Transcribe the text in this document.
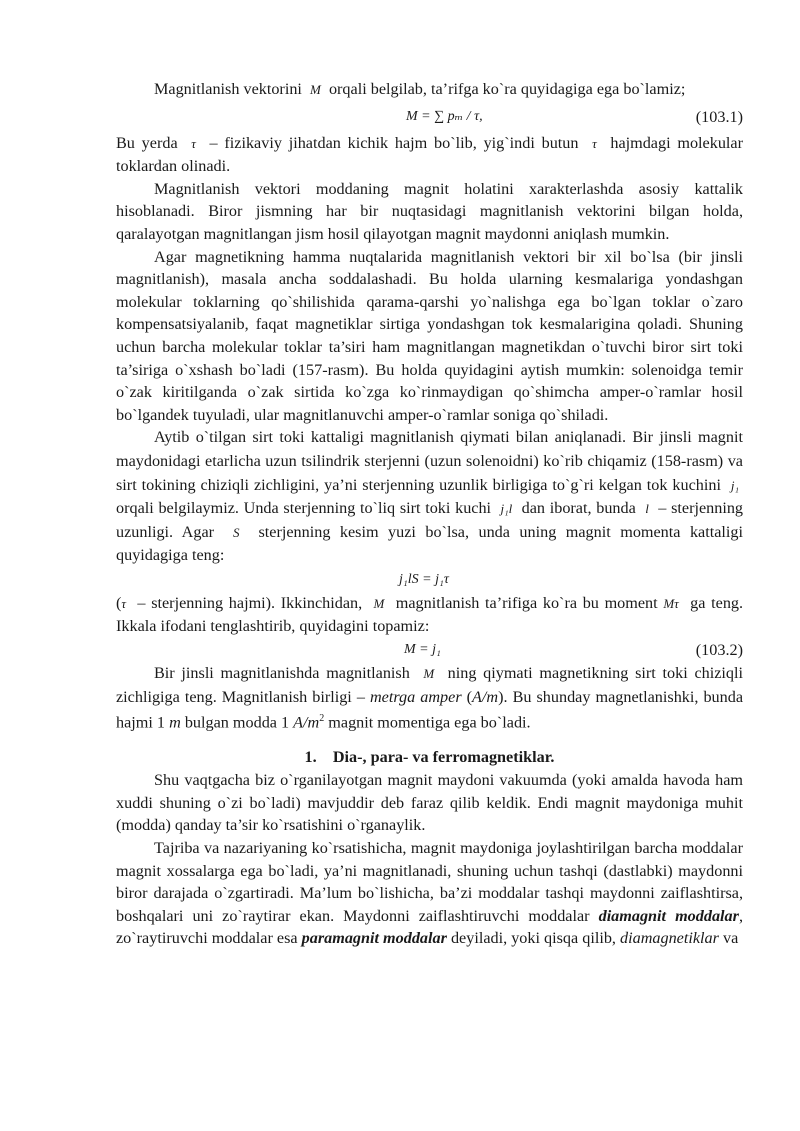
Magnitlanish vektorini M orqali belgilab, ta’rifga ko`ra quyidagiga ega bo`lamiz;

M = ∑ pₘ / τ,	(103.1)

Bu yerda τ – fizikaviy jihatdan kichik hajm bo`lib, yig`indi butun τ hajmdagi molekular toklardan olinadi.

Magnitlanish vektori moddaning magnit holatini xarakterlashda asosiy kattalik hisoblanadi. Biror jismning har bir nuqtasidagi magnitlanish vektorini bilgan holda, qaralayotgan magnitlangan jism hosil qilayotgan magnit maydonni aniqlash mumkin.

Agar magnetikning hamma nuqtalarida magnitlanish vektori bir xil bo`lsa (bir jinsli magnitlanish), masala ancha soddalashadi. Bu holda ularning kesmalariga yondashgan molekular toklarning qo`shilishida qarama-qarshi yo`nalishga ega bo`lgan toklar o`zaro kompensatsiyalanib, faqat magnetiklar sirtiga yondashgan tok kesmalarigina qoladi. Shuning uchun barcha molekular toklar ta’siri ham magnitlangan magnetikdan o`tuvchi biror sirt toki ta’siriga o`xshash bo`ladi (157-rasm). Bu holda quyidagini aytish mumkin: solenoidga temir o`zak kiritilganda o`zak sirtida ko`zga ko`rinmaydigan qo`shimcha amper-o`ramlar hosil bo`lgandek tuyuladi, ular magnitlanuvchi amper-o`ramlar soniga qo`shiladi.

Aytib o`tilgan sirt toki kattaligi magnitlanish qiymati bilan aniqlanadi. Bir jinsli magnit maydonidagi etarlicha uzun tsilindrik sterjenni (uzun solenoidni) ko`rib chiqamiz (158-rasm) va sirt tokining chiziqli zichligini, ya’ni sterjenning uzunlik birligiga to`g`ri kelgan tok kuchini j₁  orqali belgilaymiz. Unda sterjenning to`liq sirt toki kuchi j₁l dan iborat, bunda l – sterjenning uzunligi. Agar S sterjenning kesim yuzi bo`lsa, unda uning magnit momenta kattaligi quyidagiga teng:

j₁lS = j₁τ

(τ – sterjenning hajmi). Ikkinchidan, M magnitlanish ta’rifiga ko`ra bu moment Mτ ga teng. Ikkala ifodani tenglashtirib, quyidagini topamiz:

M = j₁	(103.2)

Bir jinsli magnitlanishda magnitlanish M ning qiymati magnetikning sirt toki chiziqli zichligiga teng. Magnitlanish birligi – metrga amper (A/m). Bu shunday magnetlanishki, bunda hajmi 1 m bulgan modda 1 $A/m^2$ magnit momentiga ega bo`ladi.

1. Dia-, para- va ferromagnetiklar.

Shu vaqtgacha biz o`rganilayotgan magnit maydoni vakuumda (yoki amalda havoda ham xuddi shuning o`zi bo`ladi) mavjuddir deb faraz qilib keldik. Endi magnit maydoniga muhit (modda) qanday ta’sir ko`rsatishini o`rganaylik.

Tajriba va nazariyaning ko`rsatishicha, magnit maydoniga joylashtirilgan barcha moddalar magnit xossalarga ega bo`ladi, ya’ni magnitlanadi, shuning uchun tashqi (dastlabki) maydonni biror darajada o`zgartiradi. Ma’lum bo`lishicha, ba’zi moddalar tashqi maydonni zaiflashtirsa, boshqalari uni zo`raytirar ekan. Maydonni zaiflashtiruvchi moddalar diamagnit moddalar, zo`raytiruvchi moddalar esa paramagnit moddalar deyiladi, yoki qisqa qilib, diamagnetiklar va
